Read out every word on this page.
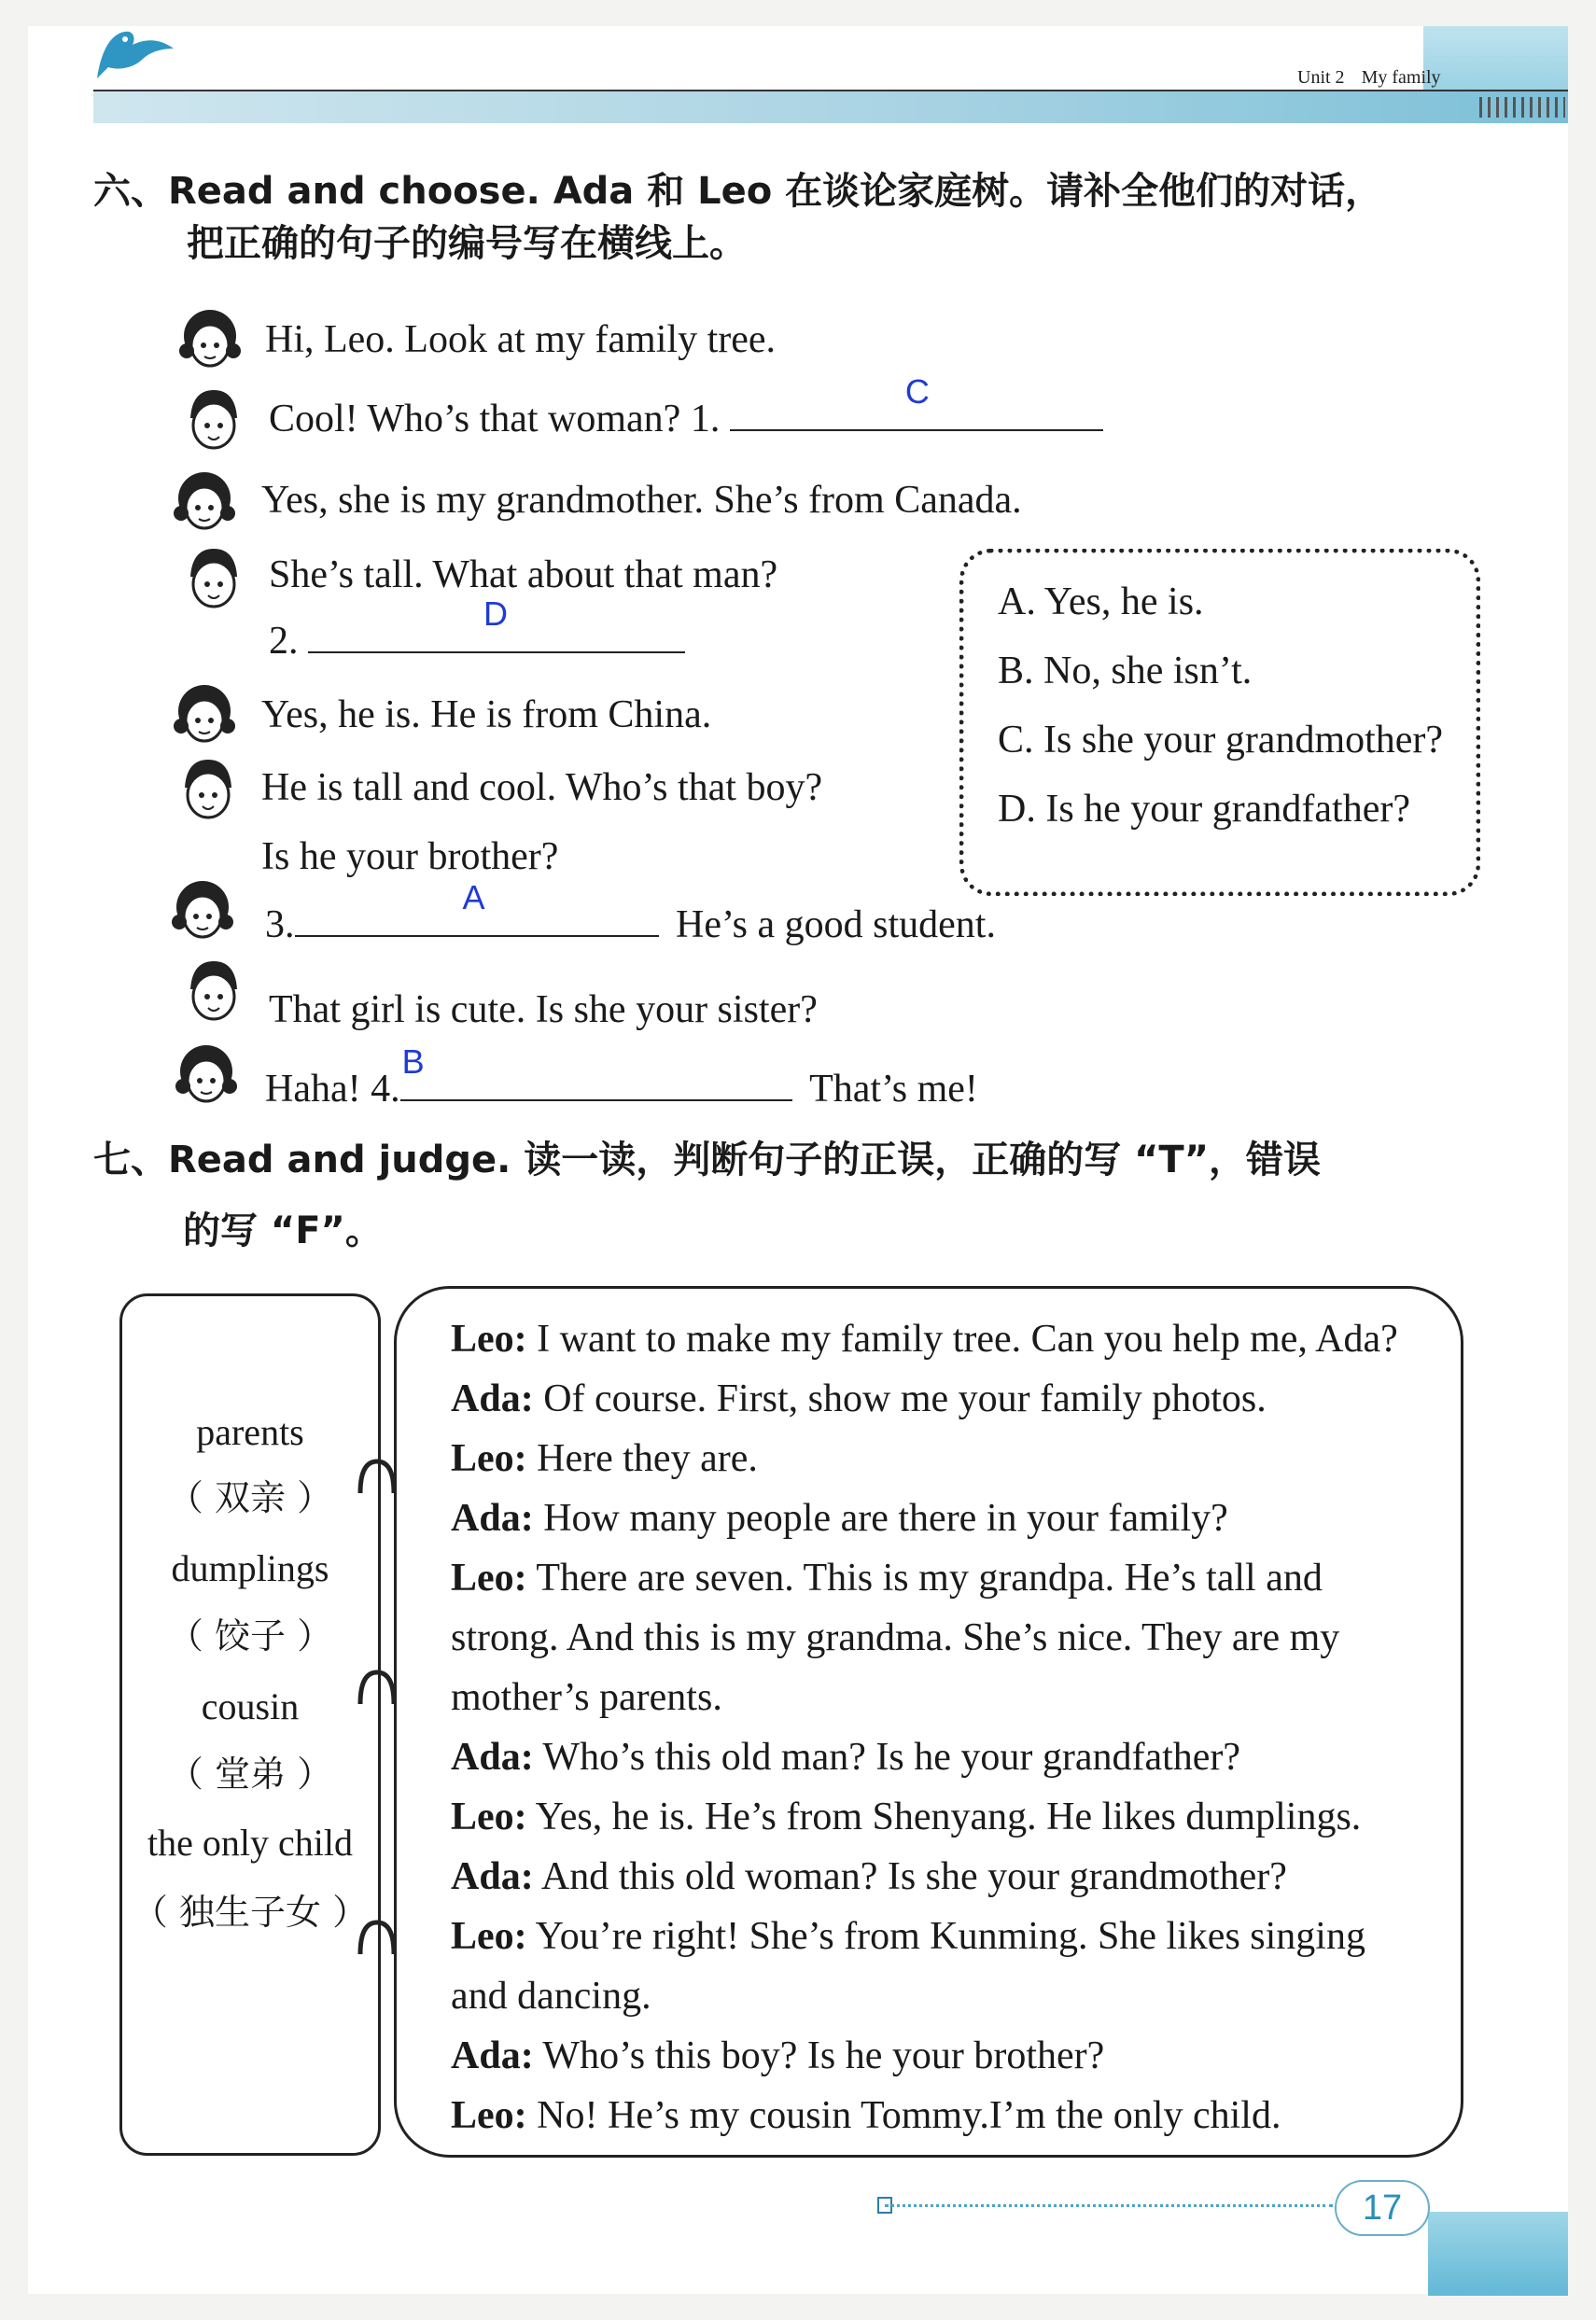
Unit 2 My family
六、Read and choose. Ada 和 Leo 在谈论家庭树。请补全他们的对话，
把正确的句子的编号写在横线上。
Hi, Leo. Look at my family tree.
Cool! Who’s that woman? 1.
C
Yes, she is my grandmother. She’s from Canada.
She’s tall. What about that man?
2.
D
Yes, he is. He is from China.
He is tall and cool. Who’s that boy?
Is he your brother?
3.
A
He’s a good student.
That girl is cute. Is she your sister?
Haha! 4.
B
That’s me!
A. Yes, he is.
B. No, she isn’t.
C. Is she your grandmother?
D. Is he your grandfather?
七、Read and judge. 读一读，判断句子的正误，正确的写 “T”，错误
的写 “F”。
parents
（ 双亲 ）
dumplings
（ 饺子 ）
cousin
（ 堂弟 ）
the only child
（ 独生子女 ）
Leo: I want to make my family tree. Can you help me, Ada?
Ada: Of course. First, show me your family photos.
Leo: Here they are.
Ada: How many people are there in your family?
Leo: There are seven. This is my grandpa. He’s tall and
strong. And this is my grandma. She’s nice. They are my
mother’s parents.
Ada: Who’s this old man? Is he your grandfather?
Leo: Yes, he is. He’s from Shenyang. He likes dumplings.
Ada: And this old woman? Is she your grandmother?
Leo: You’re right! She’s from Kunming. She likes singing
and dancing.
Ada: Who’s this boy? Is he your brother?
Leo: No! He’s my cousin Tommy.I’m the only child.
17
